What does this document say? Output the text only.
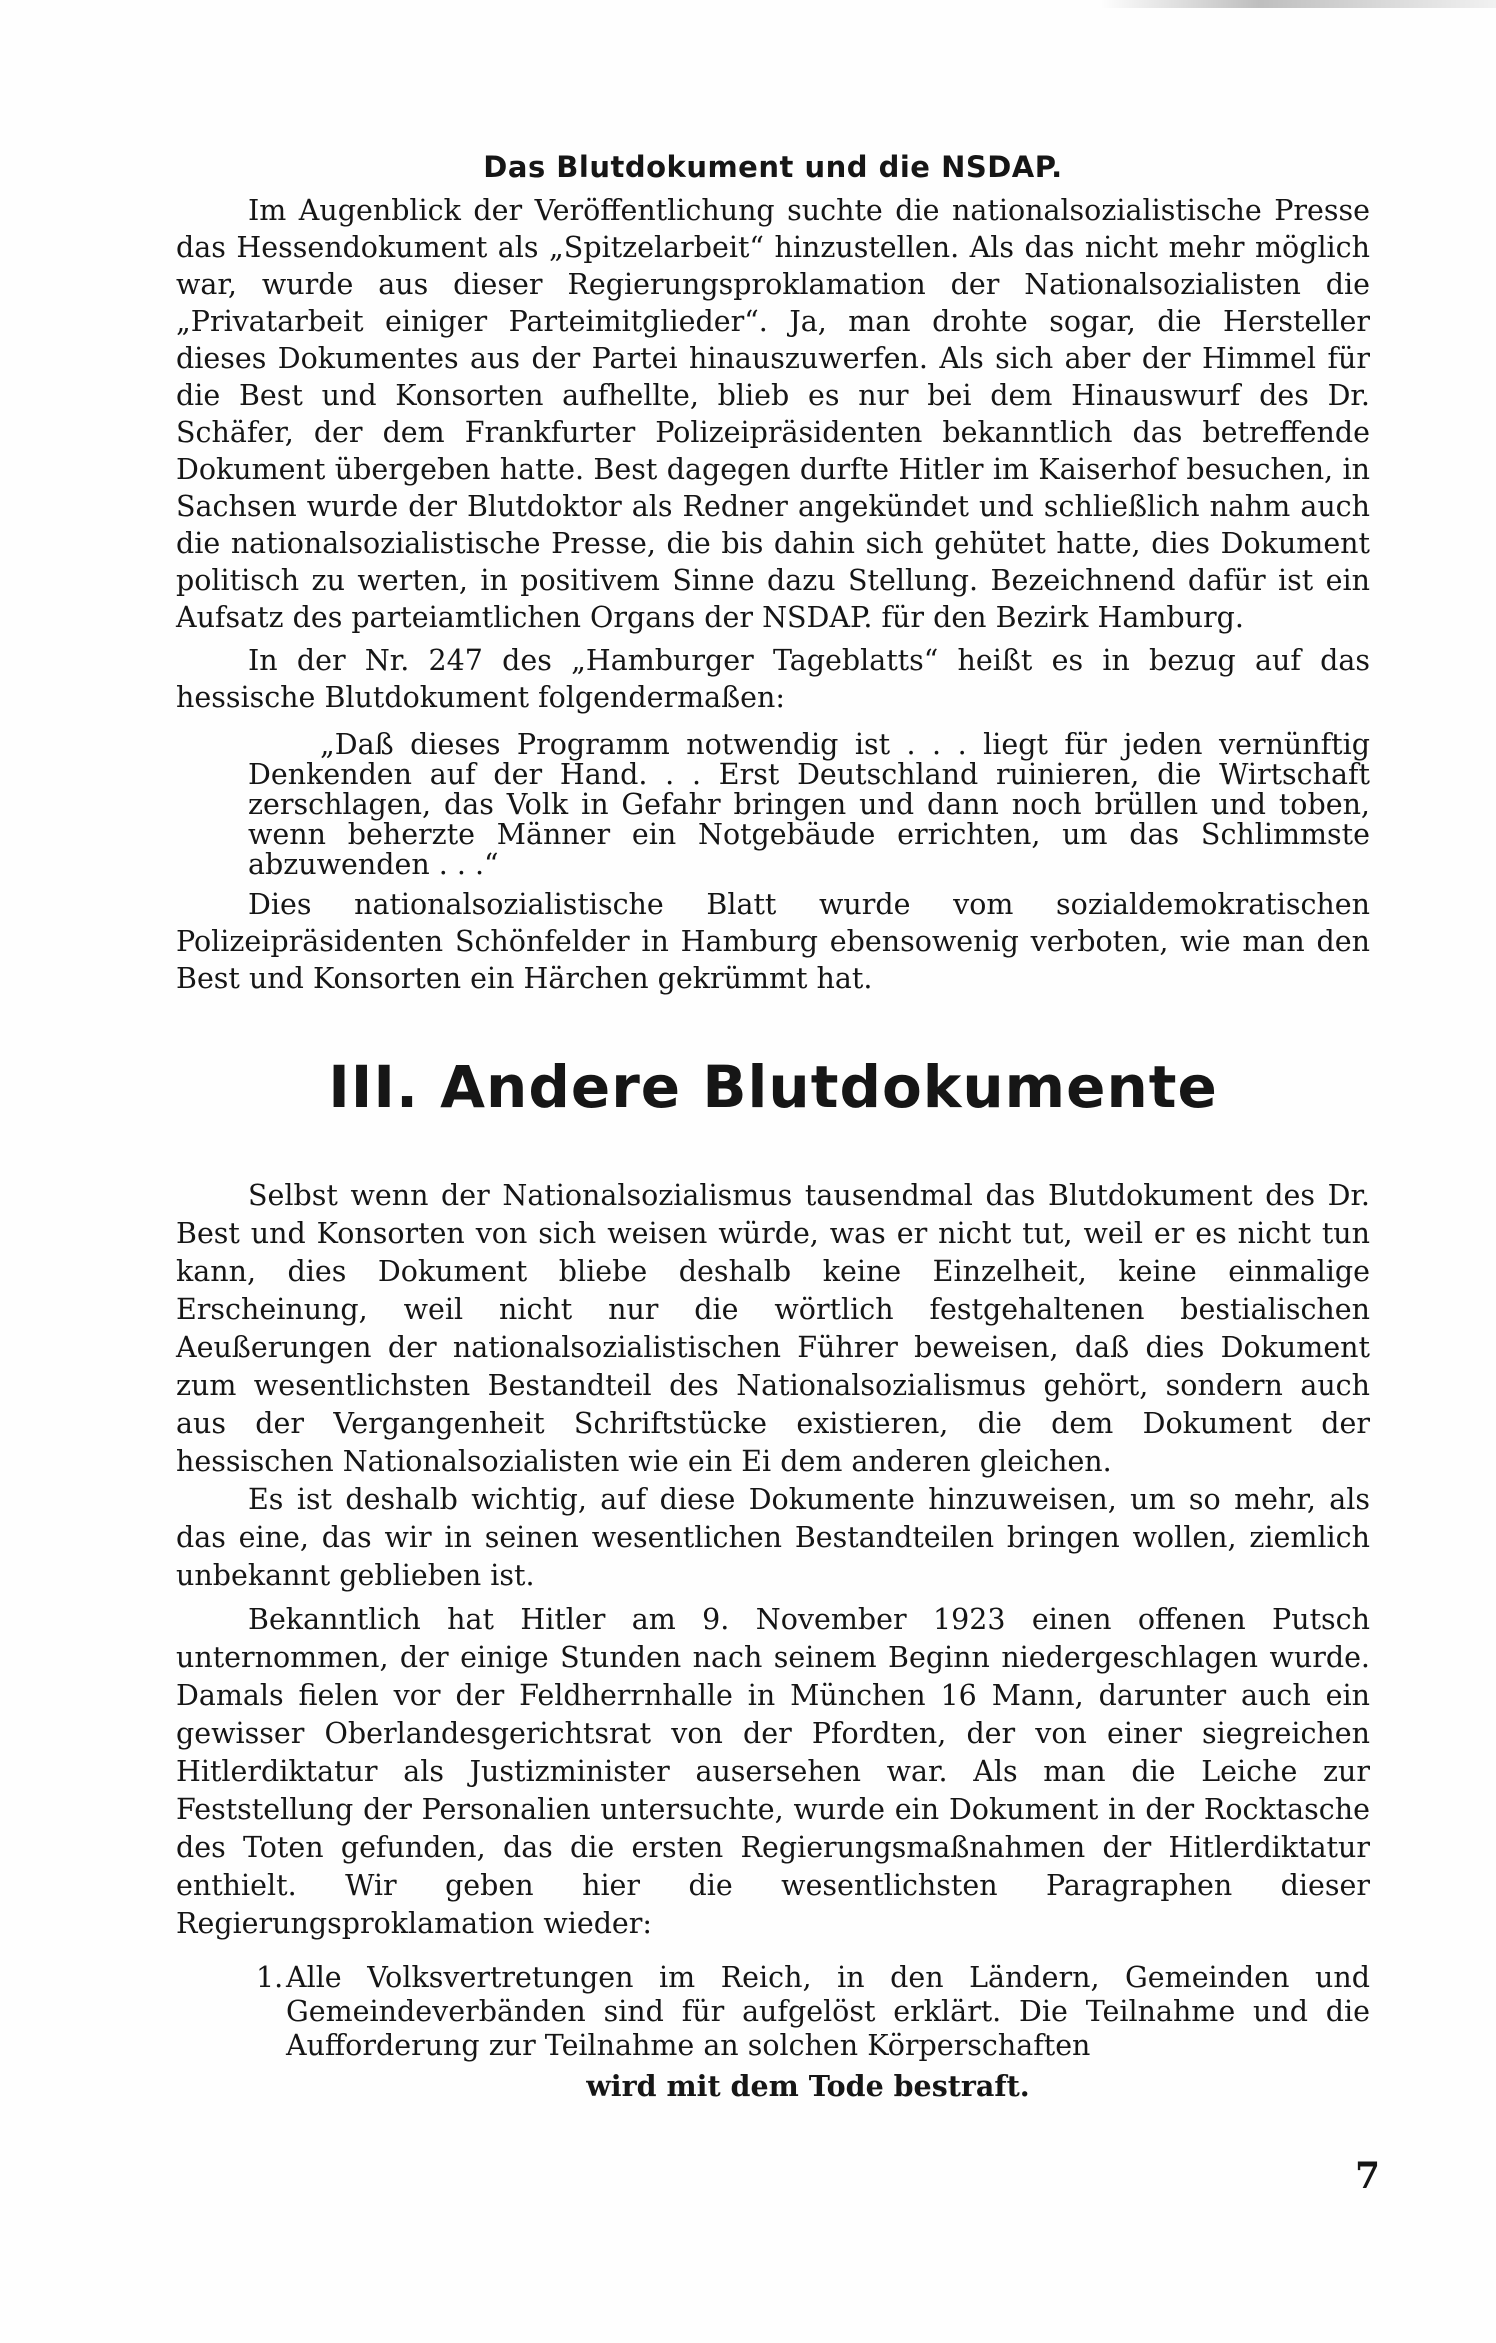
Das Blutdokument und die NSDAP.

Im Augenblick der Veröffentlichung suchte die nationalsozialistische Presse das Hessendokument als „Spitzelarbeit“ hinzustellen. Als das nicht mehr möglich war, wurde aus dieser Regierungsproklamation der Nationalsozialisten die „Privatarbeit einiger Parteimitglieder“. Ja, man drohte sogar, die Hersteller dieses Dokumentes aus der Partei hinauszuwerfen. Als sich aber der Himmel für die Best und Konsorten aufhellte, blieb es nur bei dem Hinauswurf des Dr. Schäfer, der dem Frankfurter Polizeipräsidenten bekanntlich das betreffende Dokument übergeben hatte. Best dagegen durfte Hitler im Kaiserhof besuchen, in Sachsen wurde der Blutdoktor als Redner angekündet und schließlich nahm auch die nationalsozialistische Presse, die bis dahin sich gehütet hatte, dies Dokument politisch zu werten, in positivem Sinne dazu Stellung. Bezeichnend dafür ist ein Aufsatz des parteiamtlichen Organs der NSDAP. für den Bezirk Hamburg.

In der Nr. 247 des „Hamburger Tageblatts“ heißt es in bezug auf das hessische Blutdokument folgendermaßen:

„Daß dieses Programm notwendig ist . . . liegt für jeden vernünftig Denkenden auf der Hand. . . Erst Deutschland ruinieren, die Wirtschaft zerschlagen, das Volk in Gefahr bringen und dann noch brüllen und toben, wenn beherzte Männer ein Notgebäude errichten, um das Schlimmste abzuwenden . . .“

Dies nationalsozialistische Blatt wurde vom sozialdemokratischen Polizeipräsidenten Schönfelder in Hamburg ebensowenig verboten, wie man den Best und Konsorten ein Härchen gekrümmt hat.

III. Andere Blutdokumente

Selbst wenn der Nationalsozialismus tausendmal das Blutdokument des Dr. Best und Konsorten von sich weisen würde, was er nicht tut, weil er es nicht tun kann, dies Dokument bliebe deshalb keine Einzelheit, keine einmalige Erscheinung, weil nicht nur die wörtlich festgehaltenen bestialischen Aeußerungen der nationalsozialistischen Führer beweisen, daß dies Dokument zum wesentlichsten Bestandteil des Nationalsozialismus gehört, sondern auch aus der Vergangenheit Schriftstücke existieren, die dem Dokument der hessischen Nationalsozialisten wie ein Ei dem anderen gleichen.

Es ist deshalb wichtig, auf diese Dokumente hinzuweisen, um so mehr, als das eine, das wir in seinen wesentlichen Bestandteilen bringen wollen, ziemlich unbekannt geblieben ist.

Bekanntlich hat Hitler am 9. November 1923 einen offenen Putsch unternommen, der einige Stunden nach seinem Beginn niedergeschlagen wurde. Damals fielen vor der Feldherrnhalle in München 16 Mann, darunter auch ein gewisser Oberlandesgerichtsrat von der Pfordten, der von einer siegreichen Hitlerdiktatur als Justizminister ausersehen war. Als man die Leiche zur Feststellung der Personalien untersuchte, wurde ein Dokument in der Rocktasche des Toten gefunden, das die ersten Regierungsmaßnahmen der Hitlerdiktatur enthielt. Wir geben hier die wesentlichsten Paragraphen dieser Regierungsproklamation wieder:

1. Alle Volksvertretungen im Reich, in den Ländern, Gemeinden und Gemeindeverbänden sind für aufgelöst erklärt. Die Teilnahme und die Aufforderung zur Teilnahme an solchen Körperschaften
wird mit dem Tode bestraft.
7
